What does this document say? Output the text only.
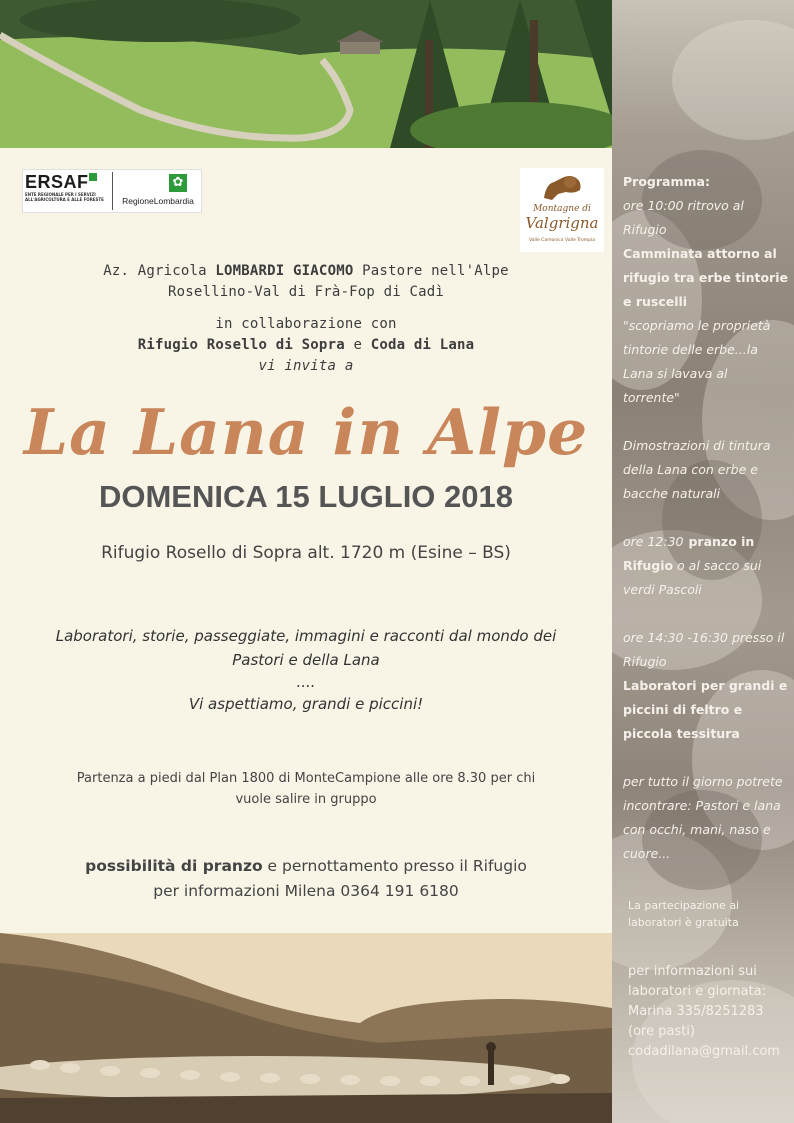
ERSAF
ENTE REGIONALE PER I SERVIZI ALL'AGRICOLTURA E ALLE FORESTE
✿
RegioneLombardia
Montagne di
Valgrigna
Valle Camonica Valle Trompia
Az. Agricola LOMBARDI GIACOMO Pastore nell'Alpe
Rosellino-Val di Frà-Fop di Cadì
in collaborazione con
Rifugio Rosello di Sopra e Coda di Lana
vi invita a
La Lana in Alpe
DOMENICA 15 LUGLIO 2018
Rifugio Rosello di Sopra alt. 1720 m (Esine – BS)
Laboratori, storie, passeggiate, immagini e racconti dal mondo dei
Pastori e della Lana
....
Vi aspettiamo, grandi e piccini!
Partenza a piedi dal Plan 1800 di MonteCampione alle ore 8.30 per chi
vuole salire in gruppo
possibilità di pranzo e pernottamento presso il Rifugio
per informazioni Milena 0364 191 6180
Programma:
ore 10:00 ritrovo al Rifugio
Camminata attorno al rifugio tra erbe tintorie e ruscelli
"scopriamo le proprietà tintorie delle erbe...la Lana si lavava al torrente"
Dimostrazioni di tintura della Lana con erbe e bacche naturali
ore 12:30 pranzo in
Rifugio o al sacco sui verdi Pascoli
ore 14:30 -16:30 presso il Rifugio
Laboratori per grandi e piccini di feltro e piccola tessitura
per tutto il giorno potrete incontrare: Pastori e lana con occhi, mani, naso e cuore...
La partecipazione ai laboratori è gratuita
per informazioni sui laboratori e giornata:
Marina 335/8251283
(ore pasti)
codadilana@gmail.com
